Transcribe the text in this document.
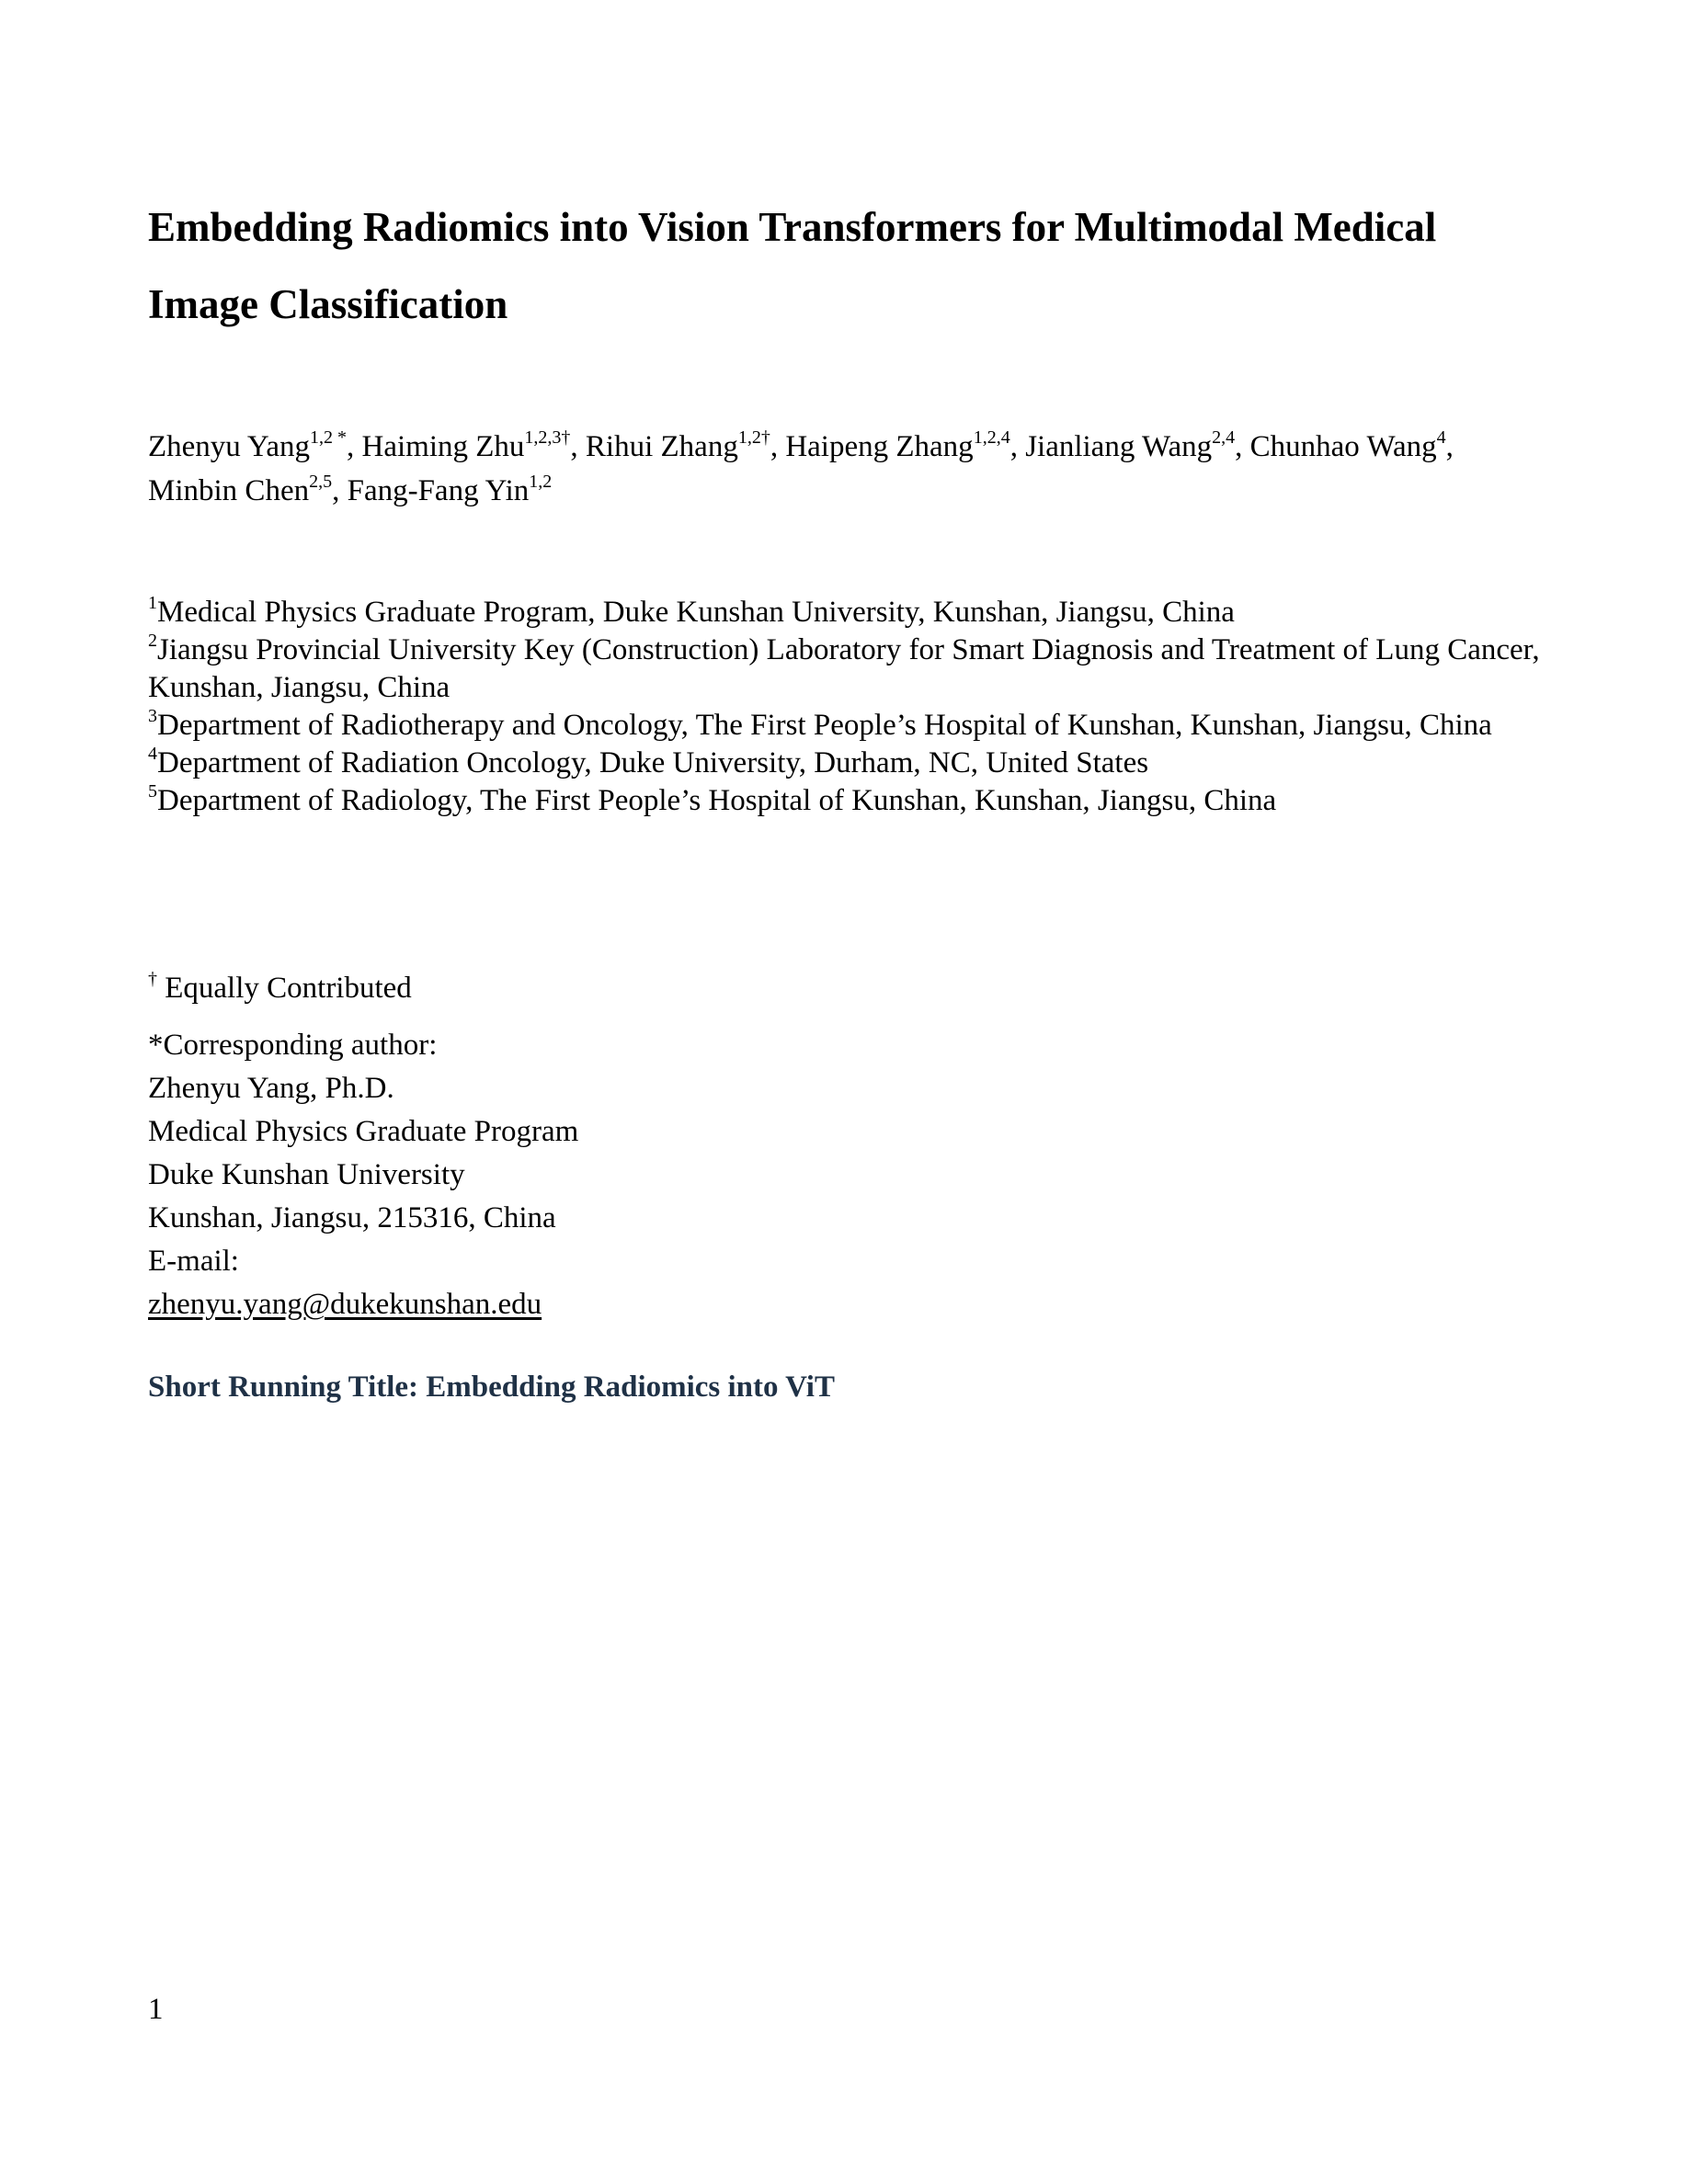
Embedding Radiomics into Vision Transformers for Multimodal Medical Image Classification

Zhenyu Yang$^{1,2 *}$, Haiming Zhu$^{1,2,3\dagger}$, Rihui Zhang$^{1,2\dagger}$, Haipeng Zhang$^{1,2,4}$, Jianliang Wang$^{2,4}$, Chunhao Wang$^4$, Minbin Chen$^{2,5}$, Fang-Fang Yin$^{1,2}$

$^1$Medical Physics Graduate Program, Duke Kunshan University, Kunshan, Jiangsu, China
$^2$Jiangsu Provincial University Key (Construction) Laboratory for Smart Diagnosis and Treatment of Lung Cancer, Kunshan, Jiangsu, China
$^3$Department of Radiotherapy and Oncology, The First People’s Hospital of Kunshan, Kunshan, Jiangsu, China
$^4$Department of Radiation Oncology, Duke University, Durham, NC, United States
$^5$Department of Radiology, The First People’s Hospital of Kunshan, Kunshan, Jiangsu, China
† Equally Contributed
*Corresponding author:
Zhenyu Yang, Ph.D.
Medical Physics Graduate Program
Duke Kunshan University
Kunshan, Jiangsu, 215316, China
E-mail:
zhenyu.yang@dukekunshan.edu
Short Running Title: Embedding Radiomics into ViT
1
